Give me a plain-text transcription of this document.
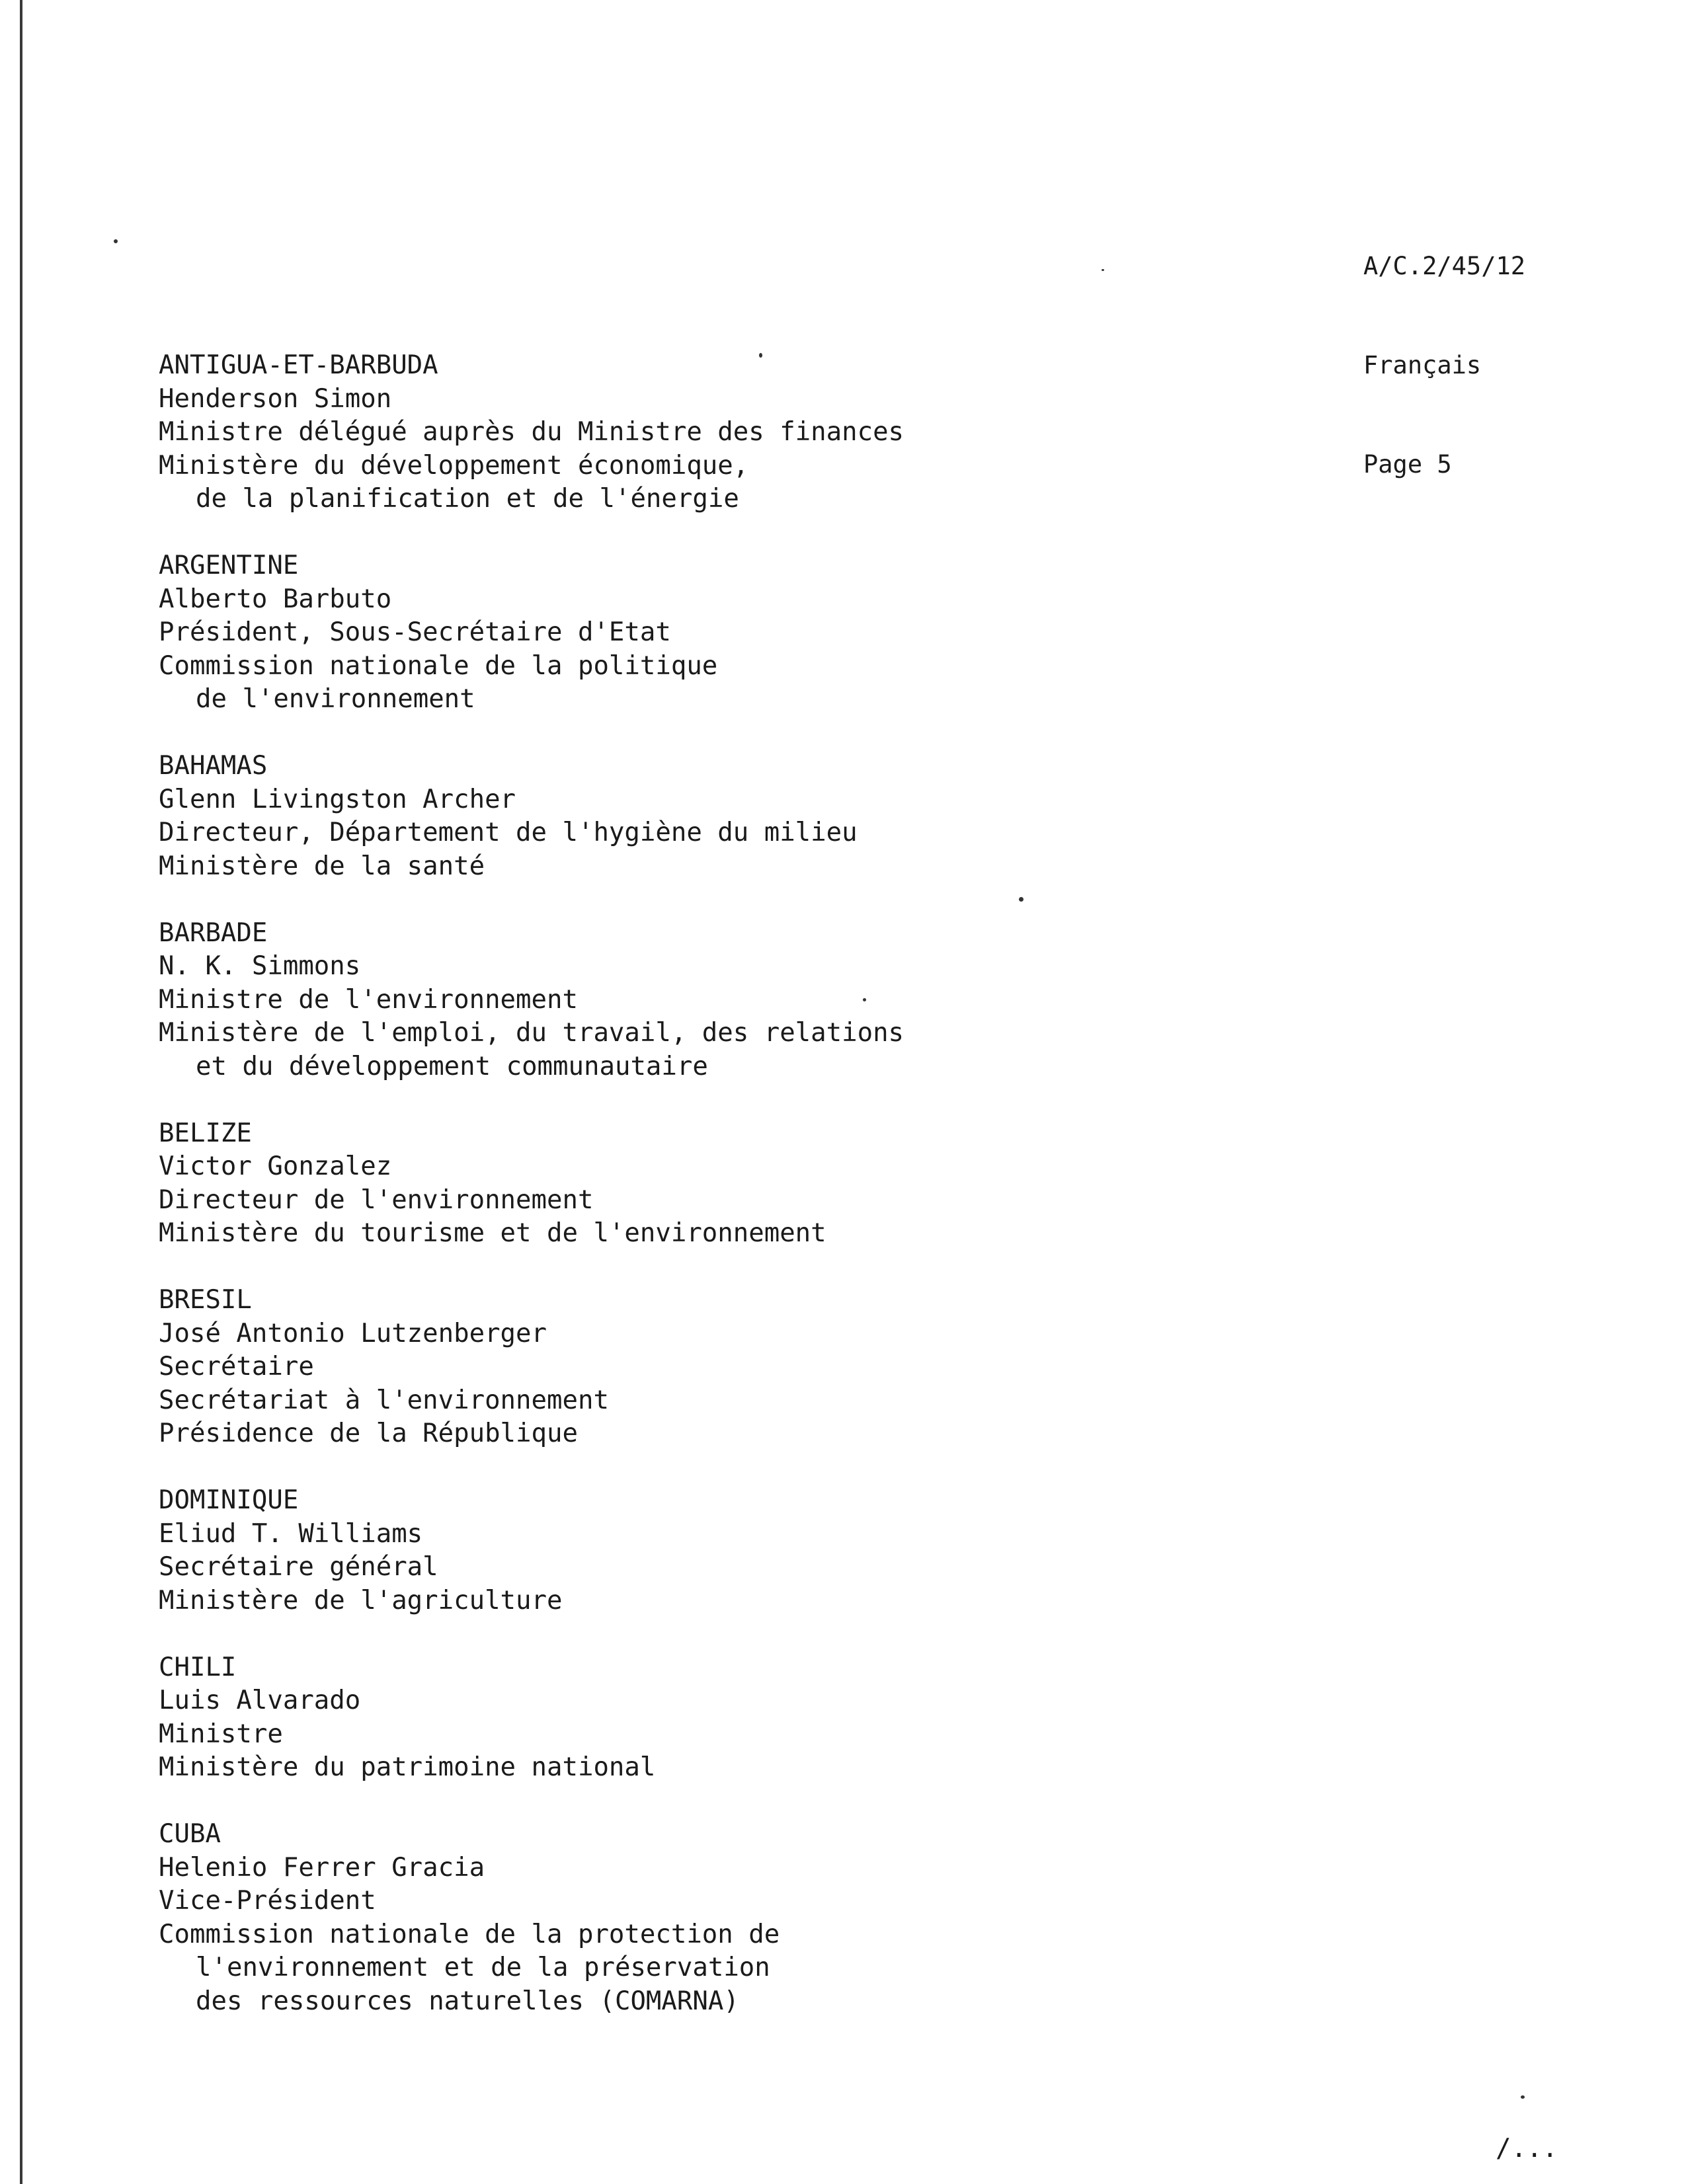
A/C.2/45/12

Français

Page 5

ANTIGUA-ET-BARBUDA
Henderson Simon
Ministre délégué auprès du Ministre des finances
Ministère du développement économique,
de la planification et de l'énergie
ARGENTINE
Alberto Barbuto
Président, Sous-Secrétaire d'Etat
Commission nationale de la politique
de l'environnement
BAHAMAS
Glenn Livingston Archer
Directeur, Département de l'hygiène du milieu
Ministère de la santé
BARBADE
N. K. Simmons
Ministre de l'environnement
Ministère de l'emploi, du travail, des relations
et du développement communautaire
BELIZE
Victor Gonzalez
Directeur de l'environnement
Ministère du tourisme et de l'environnement
BRESIL
José Antonio Lutzenberger
Secrétaire
Secrétariat à l'environnement
Présidence de la République
DOMINIQUE
Eliud T. Williams
Secrétaire général
Ministère de l'agriculture
CHILI
Luis Alvarado
Ministre
Ministère du patrimoine national
CUBA
Helenio Ferrer Gracia
Vice-Président
Commission nationale de la protection de
l'environnement et de la préservation
des ressources naturelles (COMARNA)
/...
